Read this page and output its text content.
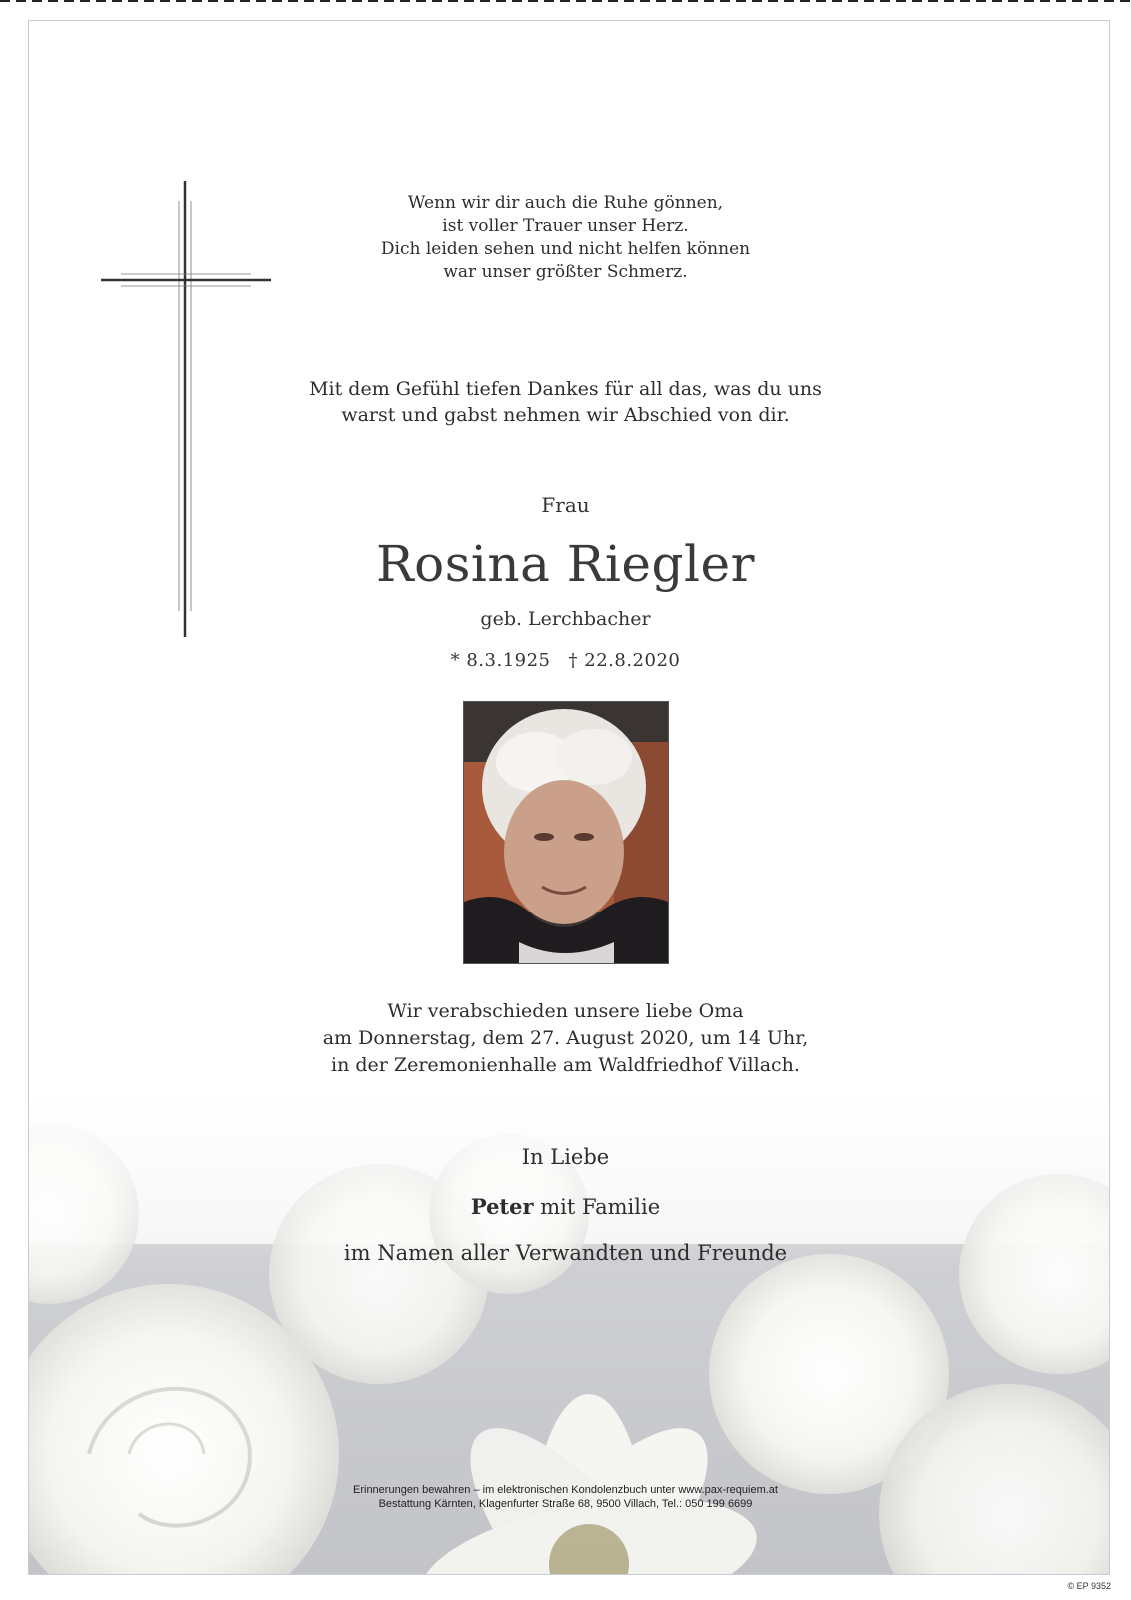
Wenn wir dir auch die Ruhe gönnen,
ist voller Trauer unser Herz.
Dich leiden sehen und nicht helfen können
war unser größter Schmerz.
Mit dem Gefühl tiefen Dankes für all das, was du uns
warst und gabst nehmen wir Abschied von dir.
Frau
Rosina Riegler
geb. Lerchbacher
* 8.3.1925 † 22.8.2020
Wir verabschieden unsere liebe Oma
am Donnerstag, dem 27. August 2020, um 14 Uhr,
in der Zeremonienhalle am Waldfriedhof Villach.
In Liebe
Peter mit Familie
im Namen aller Verwandten und Freunde
Erinnerungen bewahren – im elektronischen Kondolenzbuch unter www.pax-requiem.at
Bestattung Kärnten, Klagenfurter Straße 68, 9500 Villach, Tel.: 050 199 6699
© EP 9352
